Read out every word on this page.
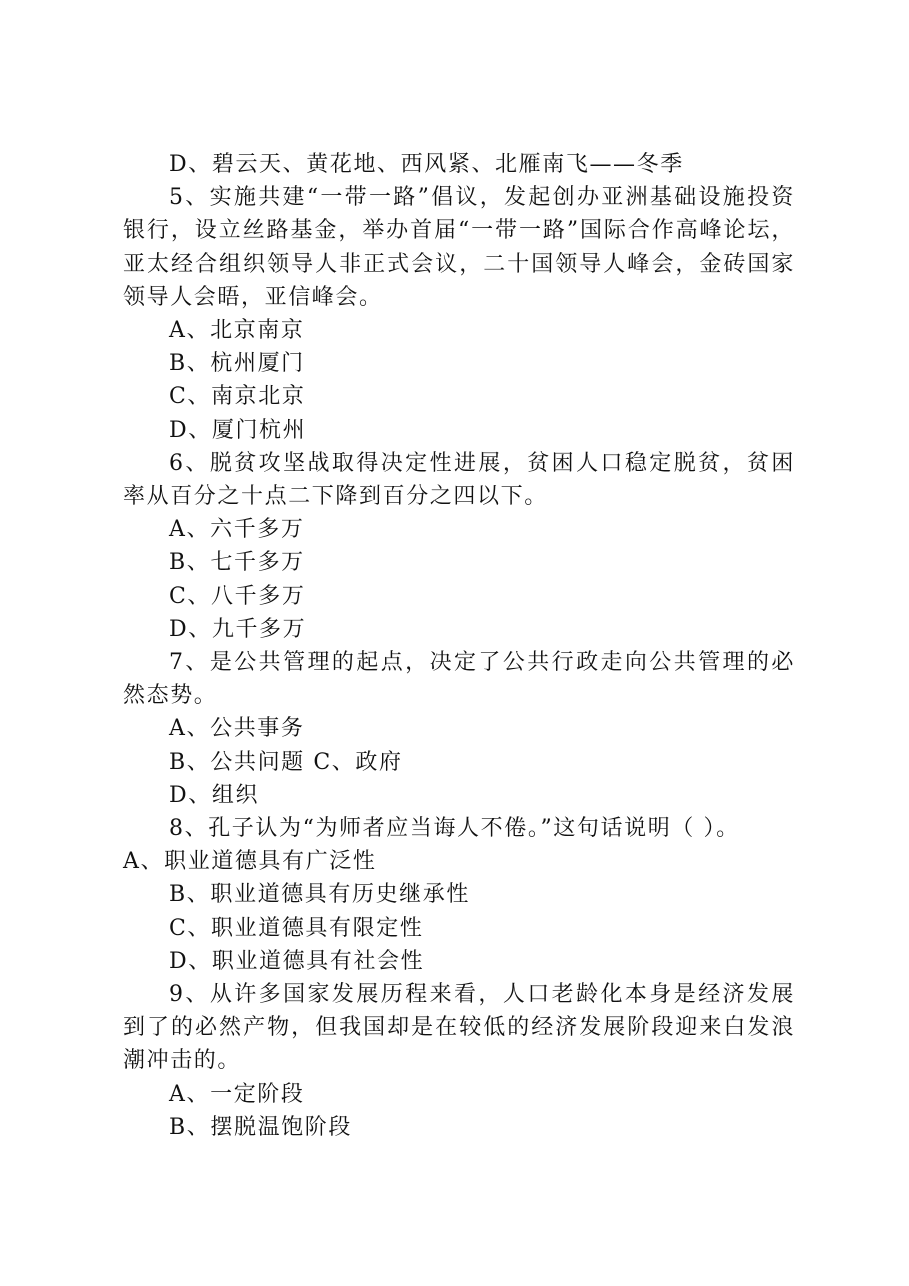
D、碧云天、黄花地、西风紧、北雁南飞——冬季

5、实施共建“一带一路”倡议，发起创办亚洲基础设施投资银行，设立丝路基金，举办首届“一带一路”国际合作高峰论坛，亚太经合组织领导人非正式会议，二十国领导人峰会，金砖国家领导人会晤，亚信峰会。

A、北京南京

B、杭州厦门

C、南京北京

D、厦门杭州

6、脱贫攻坚战取得决定性进展，贫困人口稳定脱贫，贫困率从百分之十点二下降到百分之四以下。

A、六千多万

B、七千多万

C、八千多万

D、九千多万

7、是公共管理的起点，决定了公共行政走向公共管理的必然态势。

A、公共事务

B、公共问题 C、政府

D、组织

8、孔子认为“为师者应当诲人不倦。”这句话说明（ ）。

A、职业道德具有广泛性

B、职业道德具有历史继承性

C、职业道德具有限定性

D、职业道德具有社会性

9、从许多国家发展历程来看，人口老龄化本身是经济发展到了的必然产物，但我国却是在较低的经济发展阶段迎来白发浪潮冲击的。

A、一定阶段

B、摆脱温饱阶段
